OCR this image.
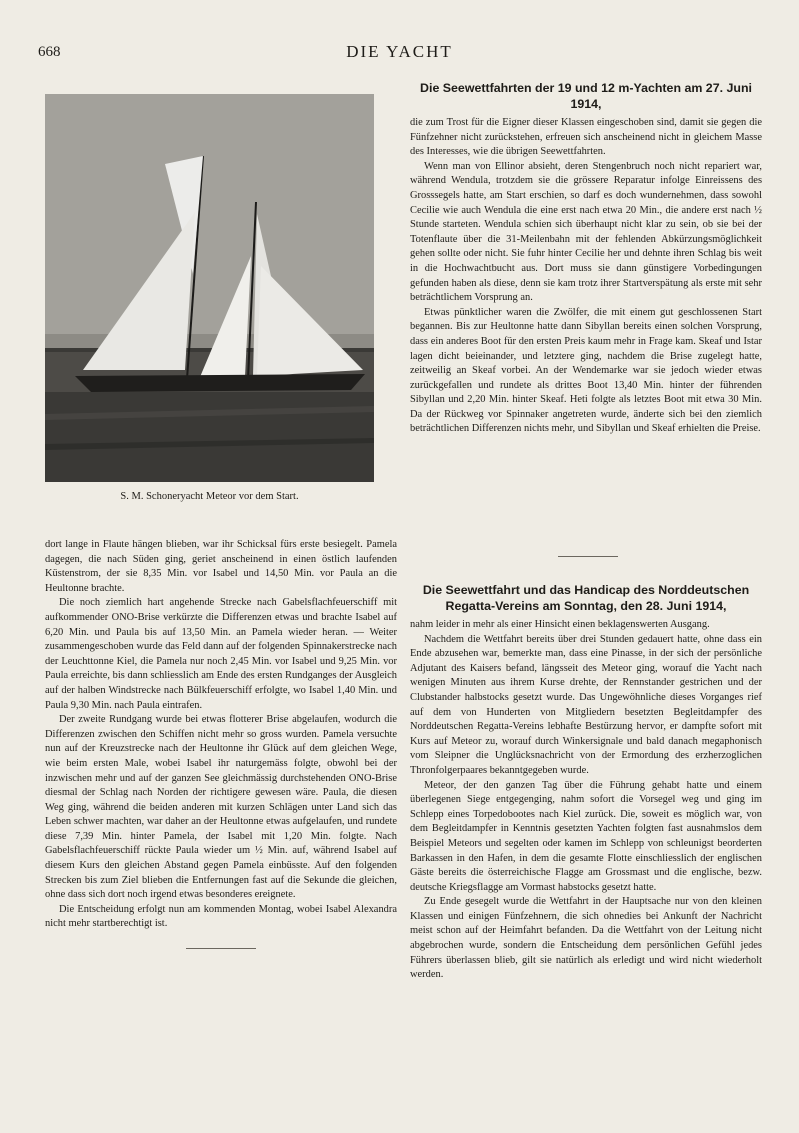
668	DIE YACHT
S. M. Schoneryacht Meteor vor dem Start.

dort lange in Flaute hängen blieben, war ihr Schicksal fürs erste besiegelt. Pamela dagegen, die nach Süden ging, geriet anscheinend in einen östlich laufenden Küstenstrom, der sie 8,35 Min. vor Isabel und 14,50 Min. vor Paula an die Heultonne brachte.

Die noch ziemlich hart angehende Strecke nach Gabelsflachfeuerschiff mit aufkommender ONO-Brise verkürzte die Differenzen etwas und brachte Isabel auf 6,20 Min. und Paula bis auf 13,50 Min. an Pamela wieder heran. — Weiter zusammengeschoben wurde das Feld dann auf der folgenden Spinnakerstrecke nach der Leuchttonne Kiel, die Pamela nur noch 2,45 Min. vor Isabel und 9,25 Min. vor Paula erreichte, bis dann schliesslich am Ende des ersten Rundganges der Ausgleich auf der halben Windstrecke nach Bülkfeuerschiff erfolgte, wo Isabel 1,40 Min. und Paula 9,30 Min. nach Paula eintrafen.

Der zweite Rundgang wurde bei etwas flotterer Brise abgelaufen, wodurch die Differenzen zwischen den Schiffen nicht mehr so gross wurden. Pamela versuchte nun auf der Kreuzstrecke nach der Heultonne ihr Glück auf dem gleichen Wege, wie beim ersten Male, wobei Isabel ihr naturgemäss folgte, obwohl bei der inzwischen mehr und auf der ganzen See gleichmässig durchstehenden ONO-Brise diesmal der Schlag nach Norden der richtigere gewesen wäre. Paula, die diesen Weg ging, während die beiden anderen mit kurzen Schlägen unter Land sich das Leben schwer machten, war daher an der Heultonne etwas aufgelaufen, und rundete diese 7,39 Min. hinter Pamela, der Isabel mit 1,20 Min. folgte. Nach Gabelsflachfeuerschiff rückte Paula wieder um ½ Min. auf, während Isabel auf diesem Kurs den gleichen Abstand gegen Pamela einbüsste. Auf den folgenden Strecken bis zum Ziel blieben die Entfernungen fast auf die Sekunde die gleichen, ohne dass sich dort noch irgend etwas besonderes ereignete.

Die Entscheidung erfolgt nun am kommenden Montag, wobei Isabel Alexandra nicht mehr startberechtigt ist.

Die Seewettfahrten der 19 und 12 m-Yachten am 27. Juni 1914,

die zum Trost für die Eigner dieser Klassen eingeschoben sind, damit sie gegen die Fünfzehner nicht zurückstehen, erfreuen sich anscheinend nicht in gleichem Masse des Interesses, wie die übrigen Seewettfahrten.

Wenn man von Ellinor absieht, deren Stengenbruch noch nicht repariert war, während Wendula, trotzdem sie die grössere Reparatur infolge Einreissens des Grosssegels hatte, am Start erschien, so darf es doch wundernehmen, dass sowohl Cecilie wie auch Wendula die eine erst nach etwa 20 Min., die andere erst nach ½ Stunde starteten. Wendula schien sich überhaupt nicht klar zu sein, ob sie bei der Totenflaute über die 31-Meilenbahn mit der fehlenden Abkürzungsmöglichkeit gehen sollte oder nicht. Sie fuhr hinter Cecilie her und dehnte ihren Schlag bis weit in die Hochwachtbucht aus. Dort muss sie dann günstigere Vorbedingungen gefunden haben als diese, denn sie kam trotz ihrer Startverspätung als erste mit sehr beträchtlichem Vorsprung an.

Etwas pünktlicher waren die Zwölfer, die mit einem gut geschlossenen Start begannen. Bis zur Heultonne hatte dann Sibyllan bereits einen solchen Vorsprung, dass ein anderes Boot für den ersten Preis kaum mehr in Frage kam. Skeaf und Istar lagen dicht beieinander, und letztere ging, nachdem die Brise zugelegt hatte, zeitweilig an Skeaf vorbei. An der Wendemarke war sie jedoch wieder etwas zurückgefallen und rundete als drittes Boot 13,40 Min. hinter der führenden Sibyllan und 2,20 Min. hinter Skeaf. Heti folgte als letztes Boot mit etwa 30 Min. Da der Rückweg vor Spinnaker angetreten wurde, änderte sich bei den ziemlich beträchtlichen Differenzen nichts mehr, und Sibyllan und Skeaf erhielten die Preise.

Die Seewettfahrt und das Handicap des Norddeutschen Regatta-Vereins am Sonntag, den 28. Juni 1914,

nahm leider in mehr als einer Hinsicht einen beklagenswerten Ausgang.

Nachdem die Wettfahrt bereits über drei Stunden gedauert hatte, ohne dass ein Ende abzusehen war, bemerkte man, dass eine Pinasse, in der sich der persönliche Adjutant des Kaisers befand, längsseit des Meteor ging, worauf die Yacht nach wenigen Minuten aus ihrem Kurse drehte, der Rennstander gestrichen und der Clubstander halbstocks gesetzt wurde. Das Ungewöhnliche dieses Vorganges rief auf dem von Hunderten von Mitgliedern besetzten Begleitdampfer des Norddeutschen Regatta-Vereins lebhafte Bestürzung hervor, er dampfte sofort mit Kurs auf Meteor zu, worauf durch Winkersignale und bald danach megaphonisch vom Sleipner die Unglücksnachricht von der Ermordung des erzherzoglichen Thronfolgerpaares bekanntgegeben wurde.

Meteor, der den ganzen Tag über die Führung gehabt hatte und einem überlegenen Siege entgegenging, nahm sofort die Vorsegel weg und ging im Schlepp eines Torpedobootes nach Kiel zurück. Die, soweit es möglich war, von dem Begleitdampfer in Kenntnis gesetzten Yachten folgten fast ausnahmslos dem Beispiel Meteors und segelten oder kamen im Schlepp von schleunigst beorderten Barkassen in den Hafen, in dem die gesamte Flotte einschliesslich der englischen Gäste bereits die österreichische Flagge am Grossmast und die englische, bezw. deutsche Kriegsflagge am Vormast habstocks gesetzt hatte.

Zu Ende gesegelt wurde die Wettfahrt in der Hauptsache nur von den kleinen Klassen und einigen Fünfzehnern, die sich ohnedies bei Ankunft der Nachricht meist schon auf der Heimfahrt befanden. Da die Wettfahrt von der Leitung nicht abgebrochen wurde, sondern die Entscheidung dem persönlichen Gefühl jedes Führers überlassen blieb, gilt sie natürlich als erledigt und wird nicht wiederholt werden.
